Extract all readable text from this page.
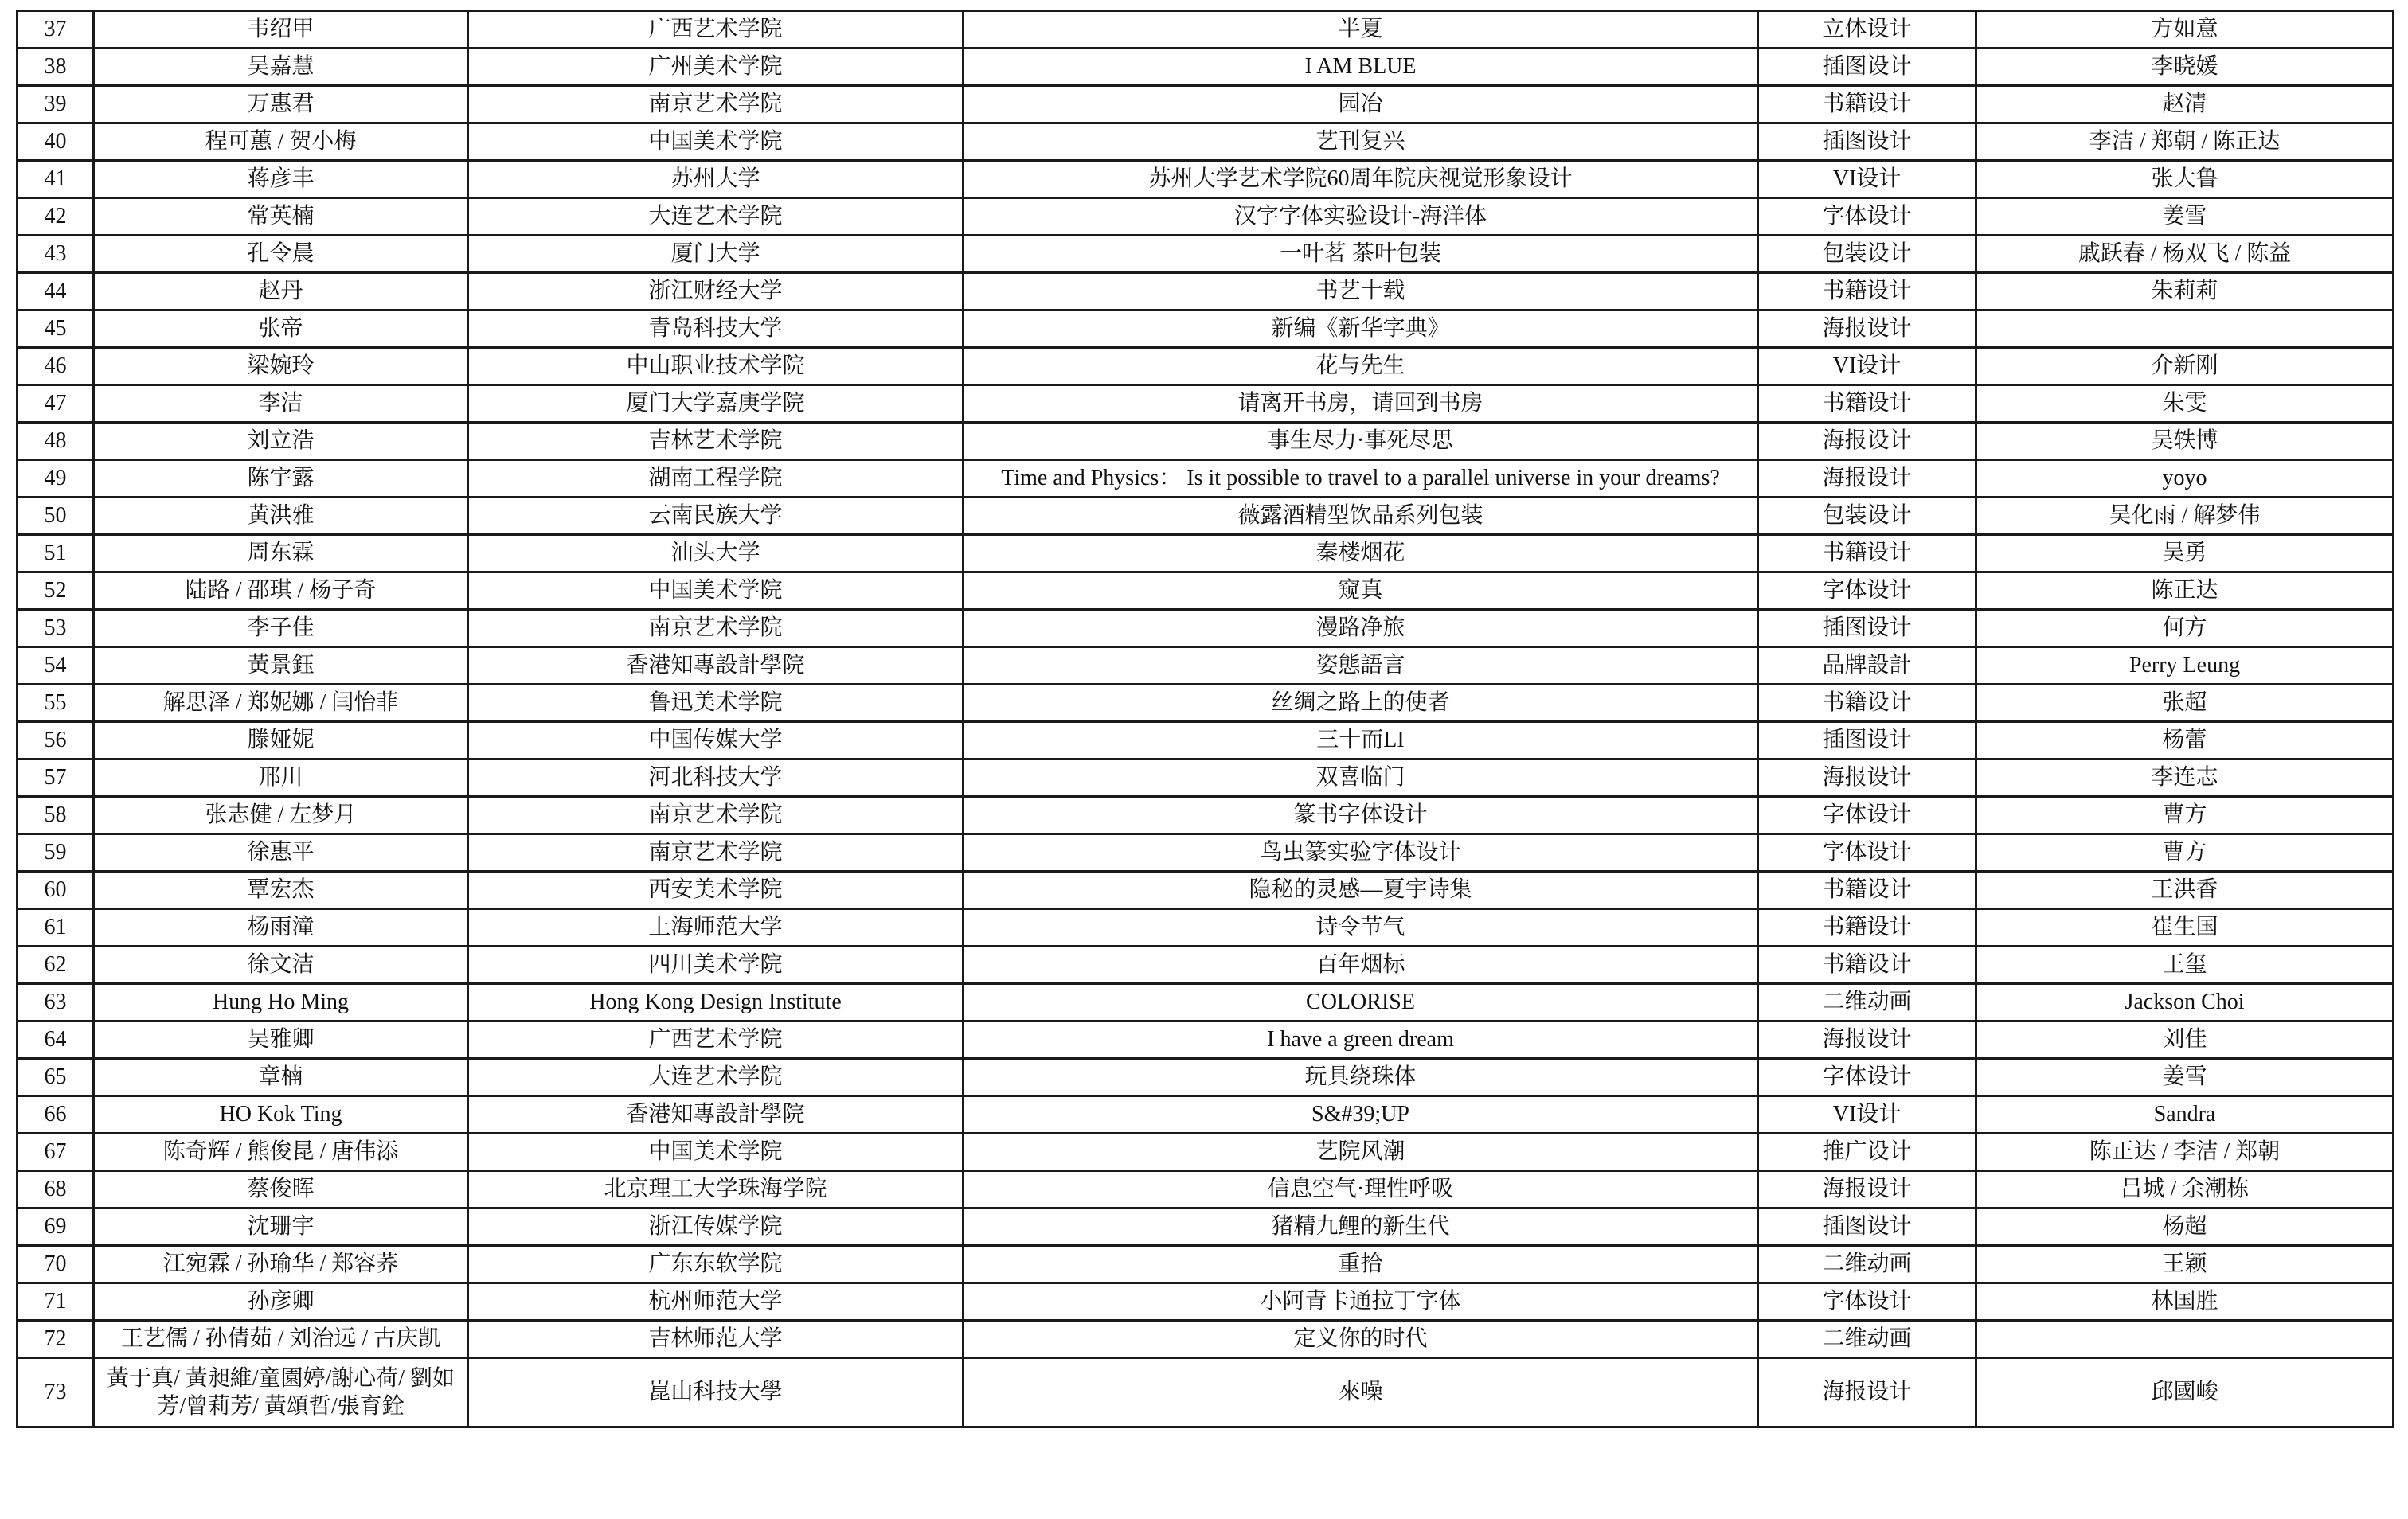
37	韦绍甲	广西艺术学院	半夏	立体设计	方如意
38	吴嘉慧	广州美术学院	I AM BLUE	插图设计	李晓媛
39	万惠君	南京艺术学院	园冶	书籍设计	赵清
40	程可蕙 / 贺小梅	中国美术学院	艺刊复兴	插图设计	李洁 / 郑朝 / 陈正达
41	蒋彦丰	苏州大学	苏州大学艺术学院60周年院庆视觉形象设计	VI设计	张大鲁
42	常英楠	大连艺术学院	汉字字体实验设计-海洋体	字体设计	姜雪
43	孔令晨	厦门大学	一叶茗 茶叶包装	包装设计	戚跃春 / 杨双飞 / 陈益
44	赵丹	浙江财经大学	书艺十载	书籍设计	朱莉莉
45	张帝	青岛科技大学	新编《新华字典》	海报设计	
46	梁婉玲	中山职业技术学院	花与先生	VI设计	介新刚
47	李洁	厦门大学嘉庚学院	请离开书房，请回到书房	书籍设计	朱雯
48	刘立浩	吉林艺术学院	事生尽力·事死尽思	海报设计	吴轶博
49	陈宇露	湖南工程学院	Time and Physics： Is it possible to travel to a parallel universe in your dreams?	海报设计	yoyo
50	黄洪雅	云南民族大学	薇露酒精型饮品系列包装	包装设计	吴化雨 / 解梦伟
51	周东霖	汕头大学	秦楼烟花	书籍设计	吴勇
52	陆路 / 邵琪 / 杨子奇	中国美术学院	窥真	字体设计	陈正达
53	李子佳	南京艺术学院	漫路净旅	插图设计	何方
54	黃景鈺	香港知專設計學院	姿態語言	品牌設計	Perry Leung
55	解思泽 / 郑妮娜 / 闫怡菲	鲁迅美术学院	丝绸之路上的使者	书籍设计	张超
56	滕娅妮	中国传媒大学	三十而LI	插图设计	杨蕾
57	邢川	河北科技大学	双喜临门	海报设计	李连志
58	张志健 / 左梦月	南京艺术学院	篆书字体设计	字体设计	曹方
59	徐惠平	南京艺术学院	鸟虫篆实验字体设计	字体设计	曹方
60	覃宏杰	西安美术学院	隐秘的灵感—夏宇诗集	书籍设计	王洪香
61	杨雨潼	上海师范大学	诗令节气	书籍设计	崔生国
62	徐文洁	四川美术学院	百年烟标	书籍设计	王玺
63	Hung Ho Ming	Hong Kong Design Institute	COLORISE	二维动画	Jackson Choi
64	吴雅卿	广西艺术学院	I have a green dream	海报设计	刘佳
65	章楠	大连艺术学院	玩具绕珠体	字体设计	姜雪
66	HO Kok Ting	香港知專設計學院	S&#39;UP	VI设计	Sandra
67	陈奇辉 / 熊俊昆 / 唐伟添	中国美术学院	艺院风潮	推广设计	陈正达 / 李洁 / 郑朝
68	蔡俊晖	北京理工大学珠海学院	信息空气·理性呼吸	海报设计	吕城 / 余潮栋
69	沈珊宇	浙江传媒学院	猪精九鲤的新生代	插图设计	杨超
70	江宛霖 / 孙瑜华 / 郑容荞	广东东软学院	重拾	二维动画	王颖
71	孙彦卿	杭州师范大学	小阿青卡通拉丁字体	字体设计	林国胜
72	王艺儒 / 孙倩茹 / 刘治远 / 古庆凯	吉林师范大学	定义你的时代	二维动画	
73	黃于真/ 黃昶維/童園婷/謝心荷/ 劉如芳/曾莉芳/ 黃頌哲/張育銓	崑山科技大學	來噪	海报设计	邱國峻
